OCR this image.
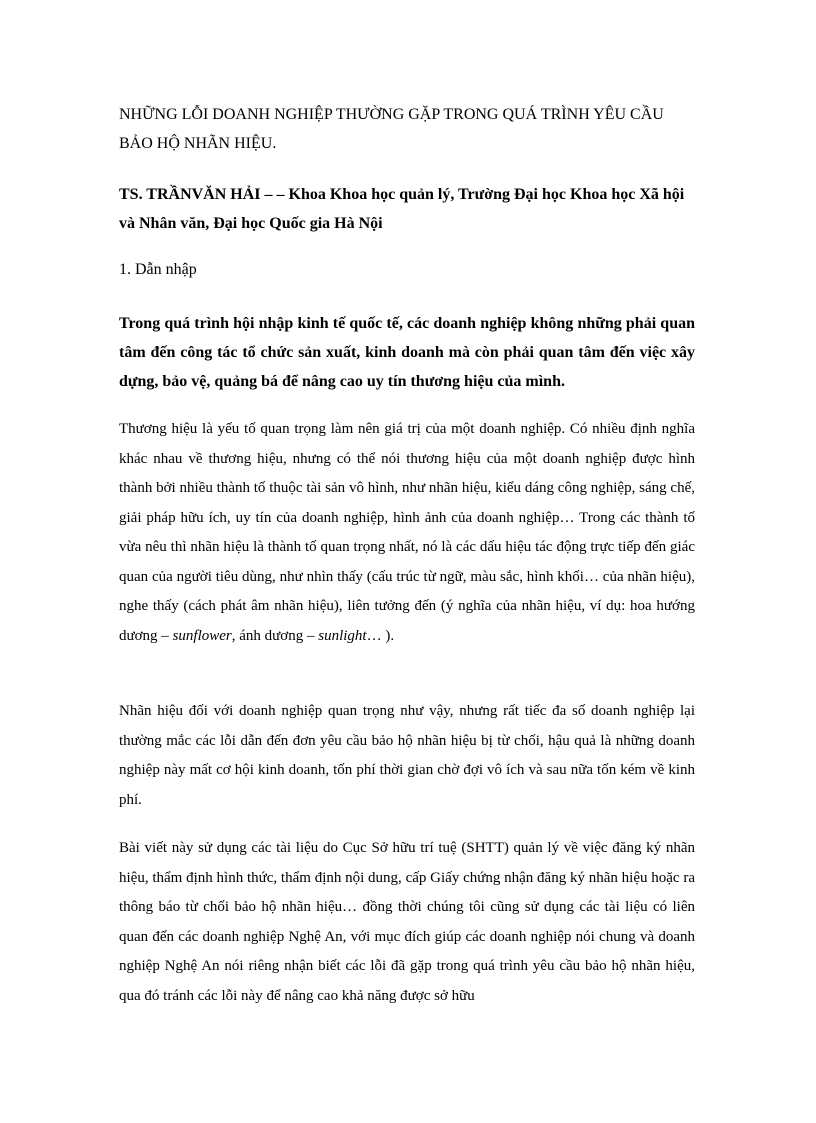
NHỮNG LỖI DOANH NGHIỆP THƯỜNG GẶP TRONG QUÁ TRÌNH YÊU CẦU BẢO HỘ NHÃN HIỆU.

TS. TRẦNVĂN HẢI – – Khoa Khoa học quản lý, Trường Đại học Khoa học Xã hội và Nhân văn, Đại học Quốc gia Hà Nội

1. Dẫn nhập

Trong quá trình hội nhập kinh tế quốc tế, các doanh nghiệp không những phải quan tâm đến công tác tổ chức sản xuất, kinh doanh mà còn phải quan tâm đến việc xây dựng, bảo vệ, quảng bá để nâng cao uy tín thương hiệu của mình.

Thương hiệu là yếu tố quan trọng làm nên giá trị của một doanh nghiệp. Có nhiều định nghĩa khác nhau về thương hiệu, nhưng có thể nói thương hiệu của một doanh nghiệp được hình thành bởi nhiều thành tố thuộc tài sản vô hình, như nhãn hiệu, kiểu dáng công nghiệp, sáng chế, giải pháp hữu ích, uy tín của doanh nghiệp, hình ảnh của doanh nghiệp… Trong các thành tố vừa nêu thì nhãn hiệu là thành tố quan trọng nhất, nó là các dấu hiệu tác động trực tiếp đến giác quan của người tiêu dùng, như nhìn thấy (cấu trúc từ ngữ, màu sắc, hình khối… của nhãn hiệu), nghe thấy (cách phát âm nhãn hiệu), liên tưởng đến (ý nghĩa của nhãn hiệu, ví dụ: hoa hướng dương – sunflower, ánh dương – sunlight… ).

Nhãn hiệu đối với doanh nghiệp quan trọng như vậy, nhưng rất tiếc đa số doanh nghiệp lại thường mắc các lỗi dẫn đến đơn yêu cầu bảo hộ nhãn hiệu bị từ chối, hậu quả là những doanh nghiệp này mất cơ hội kinh doanh, tốn phí thời gian chờ đợi vô ích và sau nữa tốn kém về kinh phí.

Bài viết này sử dụng các tài liệu do Cục Sở hữu trí tuệ (SHTT) quản lý về việc đăng ký nhãn hiệu, thẩm định hình thức, thẩm định nội dung, cấp Giấy chứng nhận đăng ký nhãn hiệu hoặc ra thông báo từ chối bảo hộ nhãn hiệu… đồng thời chúng tôi cũng sử dụng các tài liệu có liên quan đến các doanh nghiệp Nghệ An, với mục đích giúp các doanh nghiệp nói chung và doanh nghiệp Nghệ An nói riêng nhận biết các lỗi đã gặp trong quá trình yêu cầu bảo hộ nhãn hiệu, qua đó tránh các lỗi này để nâng cao khả năng được sở hữu
